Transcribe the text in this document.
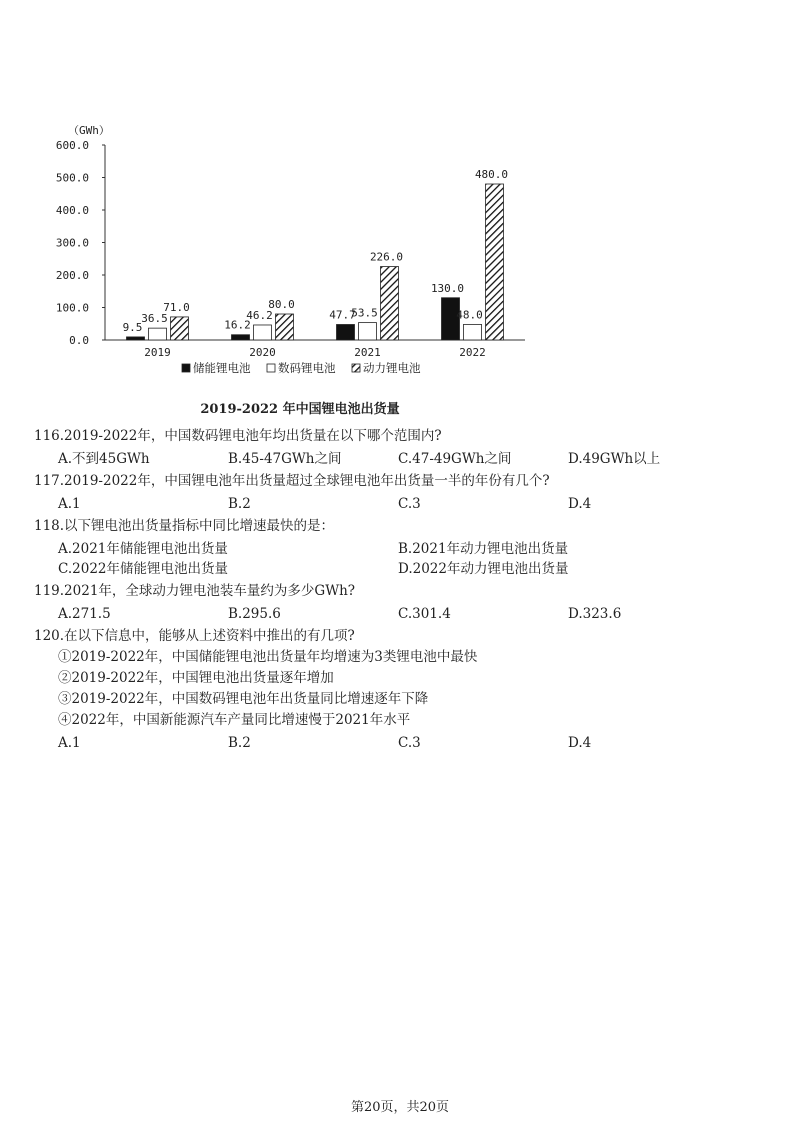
（GWh）
0.0
100.0
200.0
300.0
400.0
500.0
600.0
9.5
36.5
71.0
2019
16.2
46.2
80.0
2020
47.7
53.5
226.0
2021
130.0
48.0
480.0
2022
储能锂电池 数码锂电池 动力锂电池
2019-2022 年中国锂电池出货量
116.2019-2022年，中国数码锂电池年均出货量在以下哪个范围内?
A.不到45GWh	B.45-47GWh之间	C.47-49GWh之间	D.49GWh以上
117.2019-2022年，中国锂电池年出货量超过全球锂电池年出货量一半的年份有几个?
A.1	B.2	C.3	D.4
118.以下锂电池出货量指标中同比增速最快的是：
A.2021年储能锂电池出货量	B.2021年动力锂电池出货量
C.2022年储能锂电池出货量	D.2022年动力锂电池出货量
119.2021年，全球动力锂电池装车量约为多少GWh?
A.271.5	B.295.6	C.301.4	D.323.6
120.在以下信息中，能够从上述资料中推出的有几项?
①2019-2022年，中国储能锂电池出货量年均增速为3类锂电池中最快
②2019-2022年，中国锂电池出货量逐年增加
③2019-2022年，中国数码锂电池年出货量同比增速逐年下降
④2022年，中国新能源汽车产量同比增速慢于2021年水平
A.1	B.2	C.3	D.4
第20页，共20页
